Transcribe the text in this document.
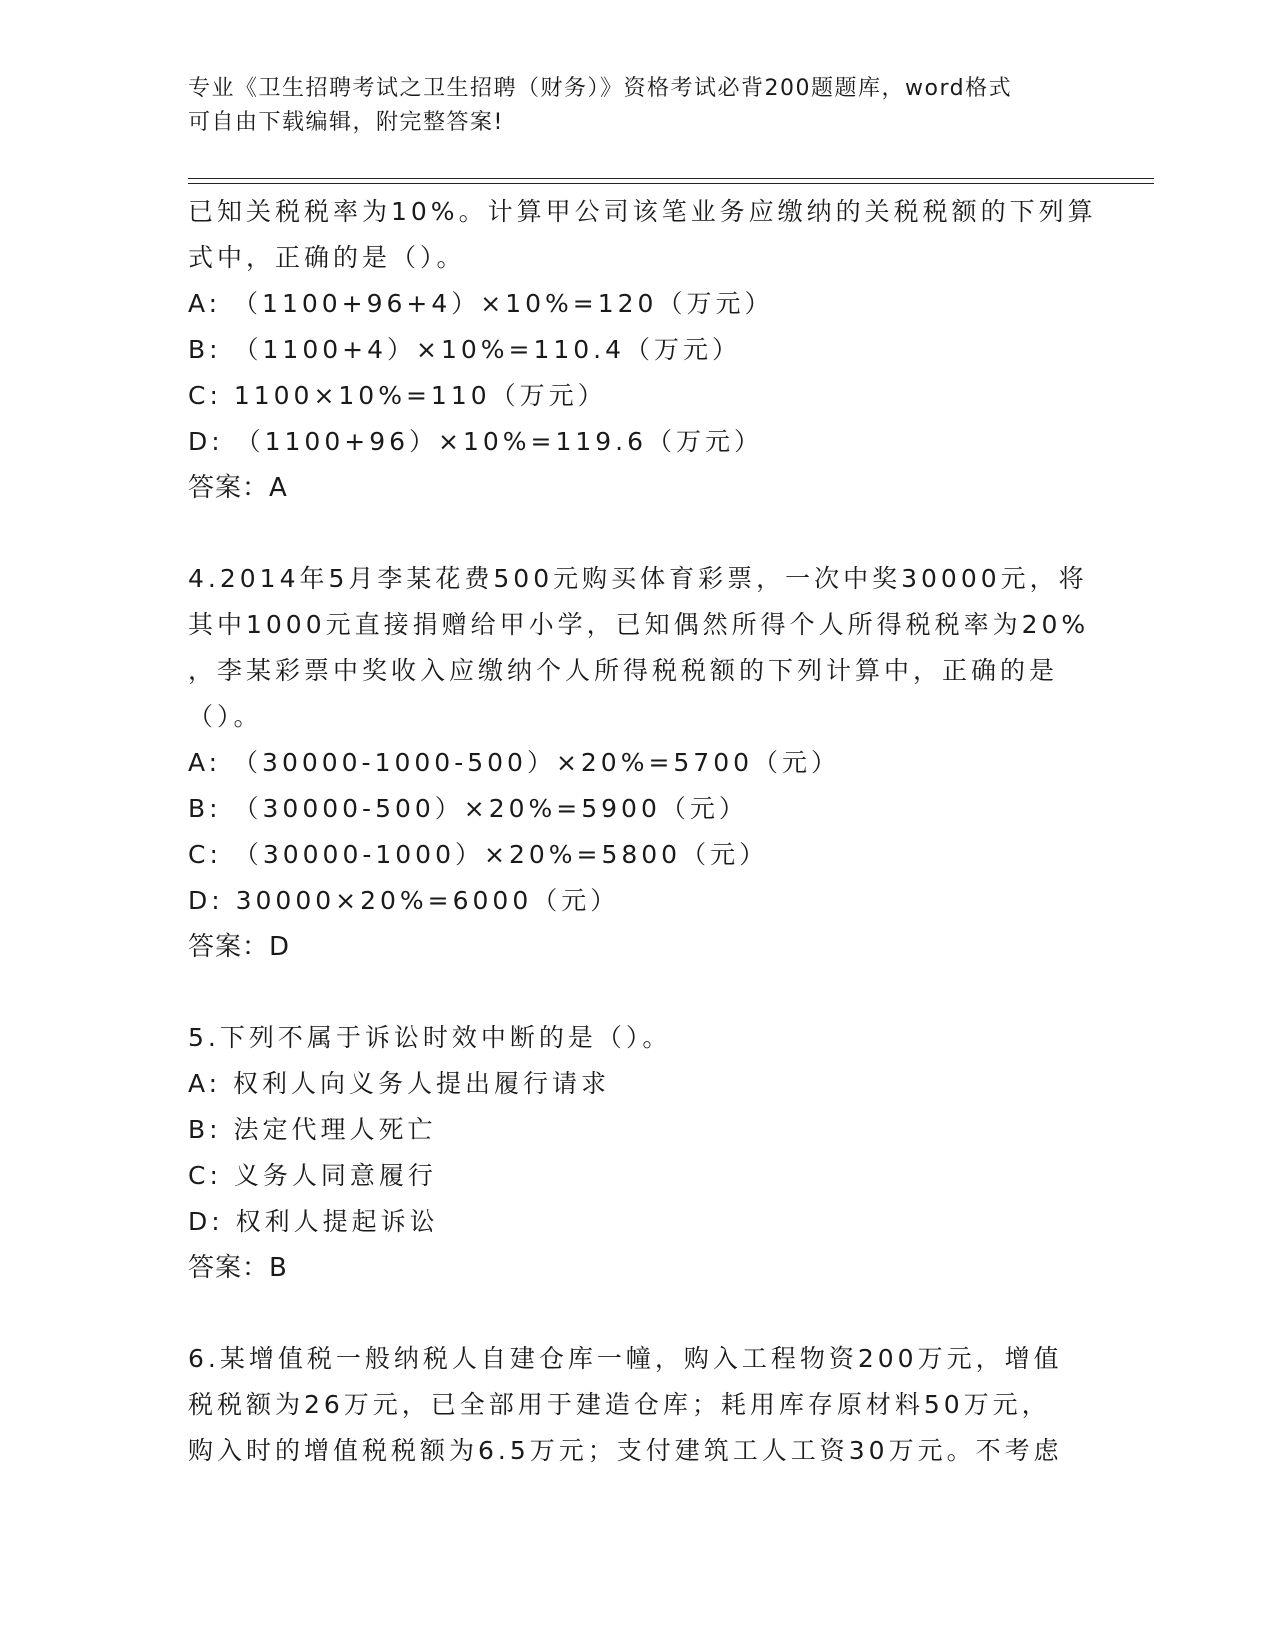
专业《卫生招聘考试之卫生招聘（财务）》资格考试必背200题题库，word格式
可自由下载编辑，附完整答案!
已知关税税率为10%。计算甲公司该笔业务应缴纳的关税税额的下列算
式中，正确的是（）。
A: （1100+96+4）×10%=120（万元）
B: （1100+4）×10%=110.4（万元）
C: 1100×10%=110（万元）
D: （1100+96）×10%=119.6（万元）
答案：A
4.2014年5月李某花费500元购买体育彩票，一次中奖30000元，将
其中1000元直接捐赠给甲小学，已知偶然所得个人所得税税率为20%
，李某彩票中奖收入应缴纳个人所得税税额的下列计算中，正确的是
（）。
A: （30000-1000-500）×20%=5700（元）
B: （30000-500）×20%=5900（元）
C: （30000-1000）×20%=5800（元）
D: 30000×20%=6000（元）
答案：D
5.下列不属于诉讼时效中断的是（）。
A: 权利人向义务人提出履行请求
B: 法定代理人死亡
C: 义务人同意履行
D: 权利人提起诉讼
答案：B
6.某增值税一般纳税人自建仓库一幢，购入工程物资200万元，增值
税税额为26万元，已全部用于建造仓库；耗用库存原材料50万元，
购入时的增值税税额为6.5万元；支付建筑工人工资30万元。不考虑
